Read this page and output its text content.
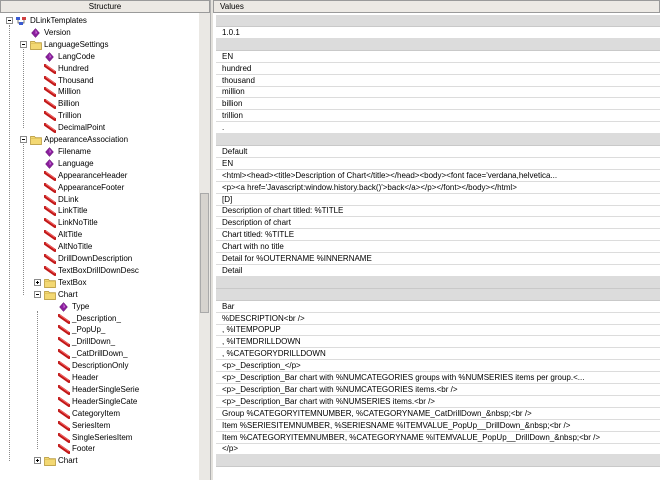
Structure	Values
DLinkTemplates
Version
LanguageSettings
LangCode
Hundred
Thousand
Million
Billion
Trillion
DecimalPoint
AppearanceAssociation
Filename
Language
AppearanceHeader
AppearanceFooter
DLink
LinkTitle
LinkNoTitle
AltTitle
AltNoTitle
DrillDownDescription
TextBoxDrillDownDesc
TextBox
Chart
Type
_Description_
_PopUp_
_DrillDown_
_CatDrillDown_
DescriptionOnly
Header
HeaderSingleSerie
HeaderSingleCate
CategoryItem
SeriesItem
SingleSeriesItem
Footer
Chart
1.0.1
EN
hundred
thousand
million
billion
trillion
.
Default
EN
<html><head><title>Description of Chart</title></head><body><font face='verdana,helvetica...
<p><a href='Javascript:window.history.back()'>back</a></p></font></body></html>
[D]
Description of chart titled: %TITLE
Description of chart
Chart titled: %TITLE
Chart with no title
Detail for %OUTERNAME %INNERNAME
Detail
Bar
%DESCRIPTION<br />
, %ITEMPOPUP
, %ITEMDRILLDOWN
, %CATEGORYDRILLDOWN
<p>_Description_</p>
<p>_Description_Bar chart with %NUMCATEGORIES groups with %NUMSERIES items per group.<...
<p>_Description_Bar chart with %NUMCATEGORIES items.<br />
<p>_Description_Bar chart with %NUMSERIES items.<br />
Group %CATEGORYITEMNUMBER, %CATEGORYNAME_CatDrillDown_&nbsp;<br />
Item %SERIESITEMNUMBER, %SERIESNAME %ITEMVALUE_PopUp__DrillDown_&nbsp;<br />
Item %CATEGORYITEMNUMBER, %CATEGORYNAME %ITEMVALUE_PopUp__DrillDown_&nbsp;<br />
</p>
